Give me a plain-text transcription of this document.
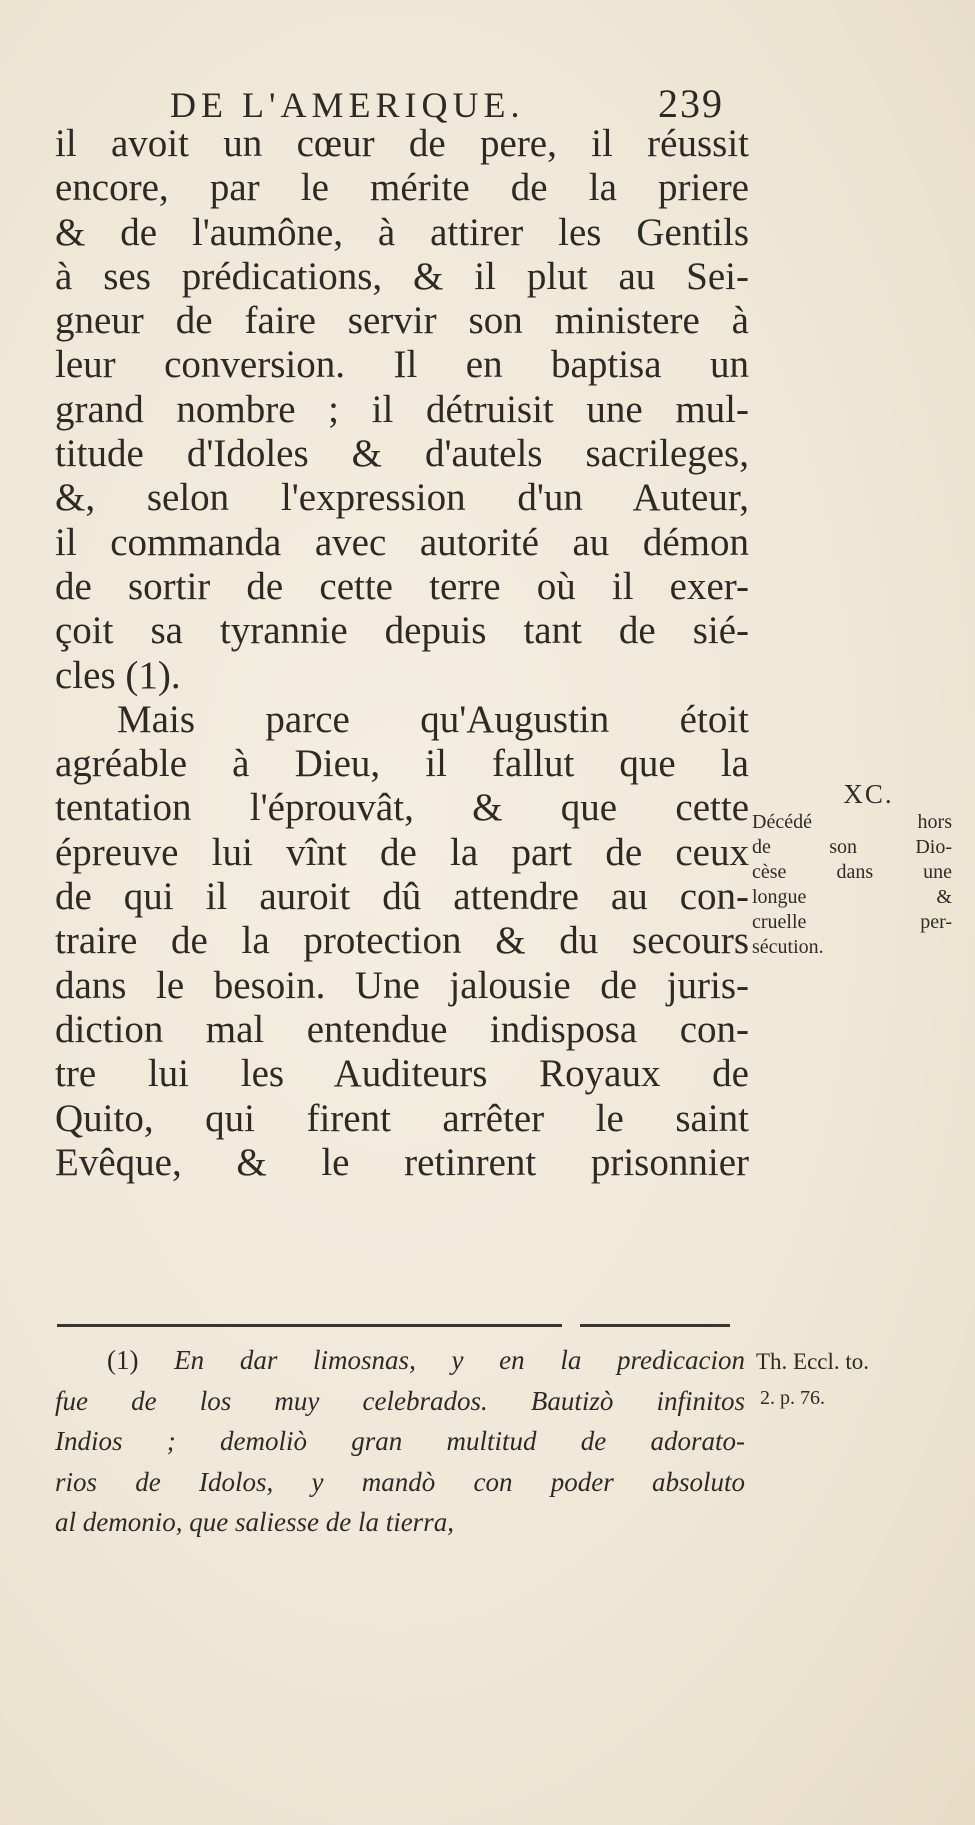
DE L'AMERIQUE.	239
il avoit un cœur de pere, il réussit
encore, par le mérite de la priere
& de l'aumône, à attirer les Gentils
à ses prédications, & il plut au Sei-
gneur de faire servir son ministere à
leur conversion. Il en baptisa un
grand nombre ; il détruisit une mul-
titude d'Idoles & d'autels sacrileges,
&, selon l'expression d'un Auteur,
il commanda avec autorité au démon
de sortir de cette terre où il exer-
çoit sa tyrannie depuis tant de sié-
cles (1).
Mais parce qu'Augustin étoit
agréable à Dieu, il fallut que la
tentation l'éprouvât, & que cette
épreuve lui vînt de la part de ceux
de qui il auroit dû attendre au con-
traire de la protection & du secours
dans le besoin. Une jalousie de juris-
diction mal entendue indisposa con-
tre lui les Auditeurs Royaux de
Quito, qui firent arrêter le saint
Evêque, & le retinrent prisonnier
XC.
Décédé hors
de son Dio-
cèse dans une
longue &
cruelle per-
sécution.
(1) En dar limosnas, y en la predicacion
fue de los muy celebrados. Bautizò infinitos
Indios ; demoliò gran multitud de adorato-
rios de Idolos, y mandò con poder absoluto
al demonio, que saliesse de la tierra,
Th. Eccl. to.
2. p. 76.
